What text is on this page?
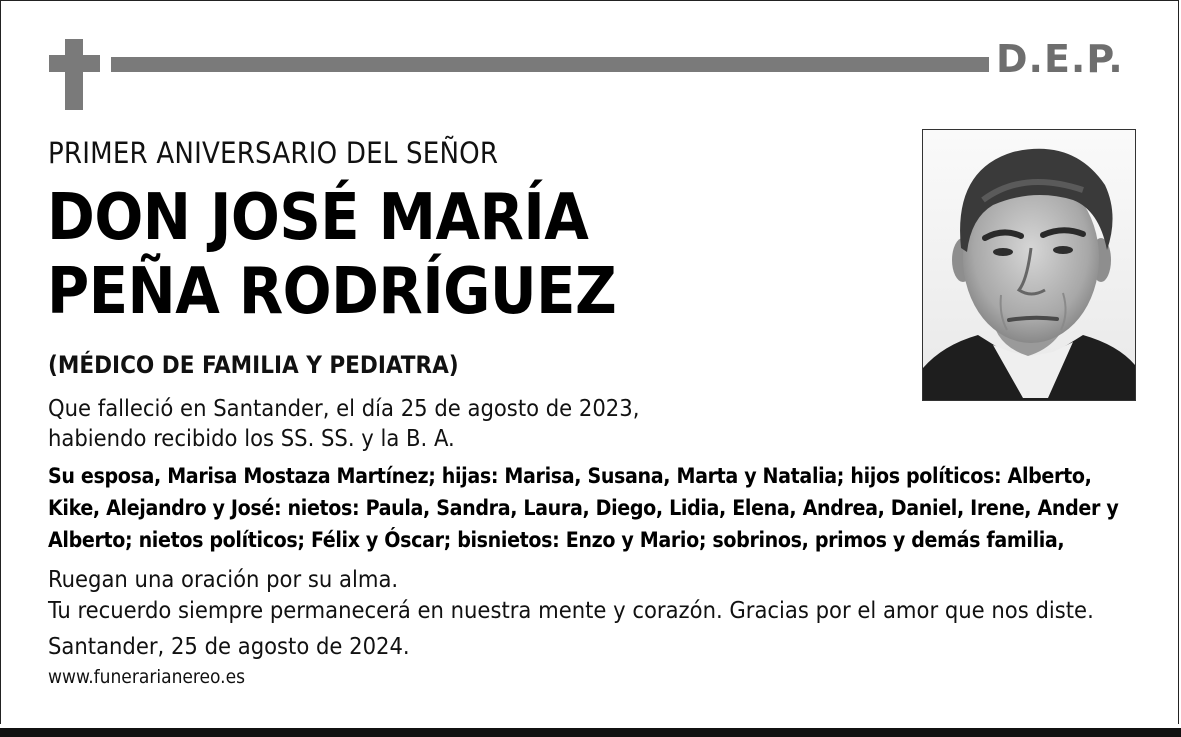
D.E.P.
PRIMER ANIVERSARIO DEL SEÑOR
DON JOSÉ MARÍA
PEÑA RODRÍGUEZ
(MÉDICO DE FAMILIA Y PEDIATRA)
Que falleció en Santander, el día 25 de agosto de 2023,
habiendo recibido los SS. SS. y la B. A.
Su esposa, Marisa Mostaza Martínez; hijas: Marisa, Susana, Marta y Natalia; hijos políticos: Alberto, Kike, Alejandro y José: nietos: Paula, Sandra, Laura, Diego, Lidia, Elena, Andrea, Daniel, Irene, Ander y Alberto; nietos políticos; Félix y Óscar; bisnietos: Enzo y Mario; sobrinos, primos y demás familia,
Ruegan una oración por su alma.
Tu recuerdo siempre permanecerá en nuestra mente y corazón. Gracias por el amor que nos diste.
Santander, 25 de agosto de 2024.
www.funerarianereo.es
